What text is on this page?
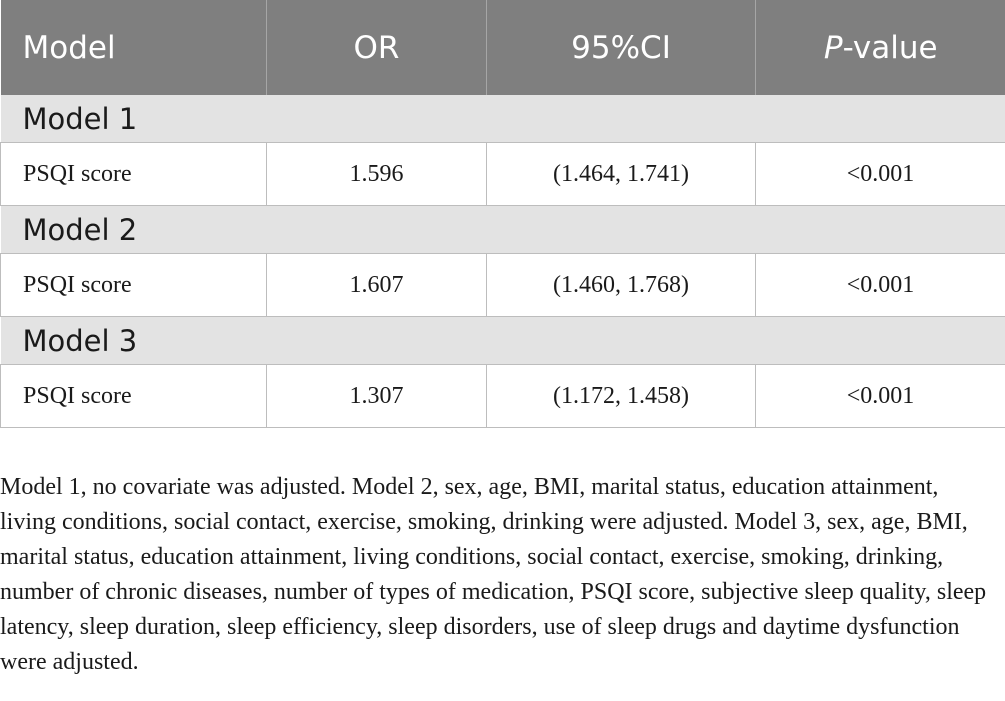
Model	OR	95%CI	P-value
Model 1			
PSQI score	1.596	(1.464, 1.741)	<0.001
Model 2			
PSQI score	1.607	(1.460, 1.768)	<0.001
Model 3			
PSQI score	1.307	(1.172, 1.458)	<0.001

Model 1, no covariate was adjusted. Model 2, sex, age, BMI, marital status, education attainment, living conditions, social contact, exercise, smoking, drinking were adjusted. Model 3, sex, age, BMI, marital status, education attainment, living conditions, social contact, exercise, smoking, drinking, number of chronic diseases, number of types of medication, PSQI score, subjective sleep quality, sleep latency, sleep duration, sleep efficiency, sleep disorders, use of sleep drugs and daytime dysfunction were adjusted.
